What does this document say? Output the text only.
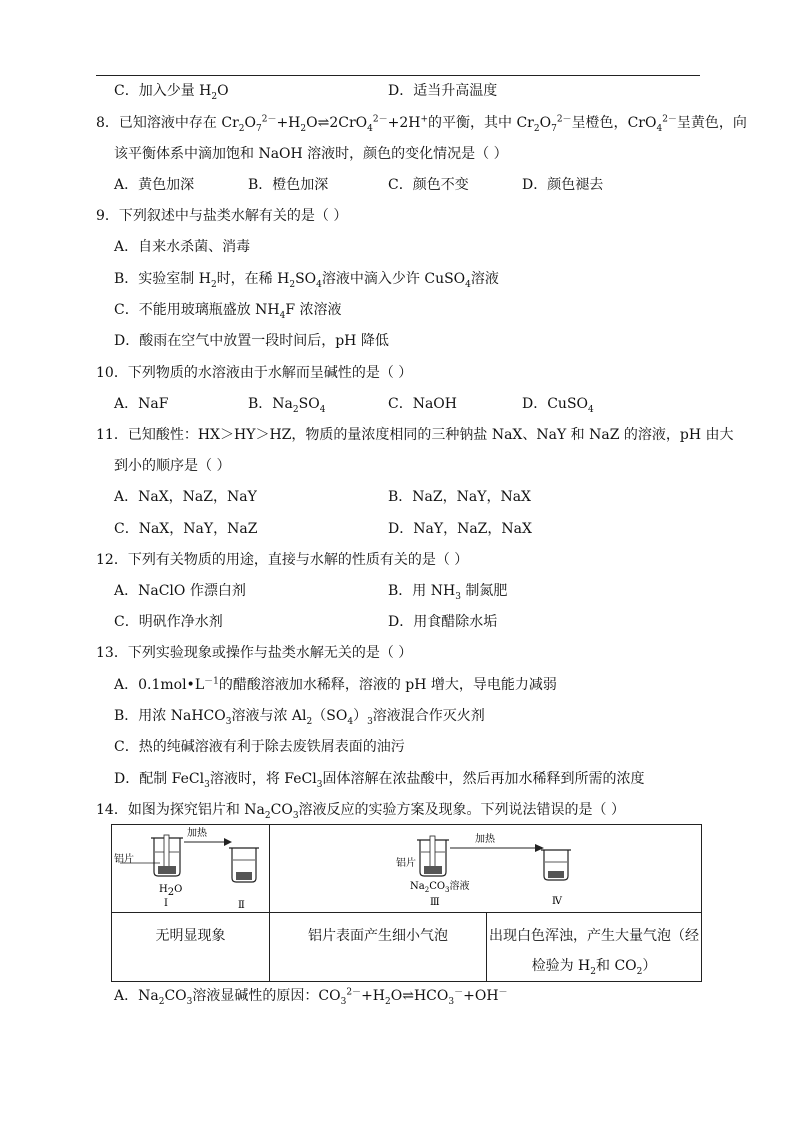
C．加入少量 $H_2O$	D．适当升高温度
8．已知溶液中存在 $Cr_2O_7^{2-}+H_2O\rightleftharpoons 2CrO_4^{2-}+2H^+$的平衡，其中 $Cr_2O_7^{2-}$呈橙色，CrO$_4^{2-}$呈黄色，向
该平衡体系中滴加饱和 NaOH 溶液时，颜色的变化情况是（ ）
A．黄色加深	B．橙色加深	C．颜色不变	D．颜色褪去
9．下列叙述中与盐类水解有关的是（ ）
A．自来水杀菌、消毒
B．实验室制 $H_2$时，在稀 $H_2SO_4$溶液中滴入少许 CuSO$_4$溶液
C．不能用玻璃瓶盛放 $NH_4F$ 浓溶液
D．酸雨在空气中放置一段时间后，pH 降低
10．下列物质的水溶液由于水解而呈碱性的是（ ）
A．NaF	B．$Na_2SO_4$	C．NaOH	D．CuSO$_4$
11．已知酸性：HX＞HY＞HZ，物质的量浓度相同的三种钠盐 NaX、NaY 和 NaZ 的溶液，pH 由大
到小的顺序是（ ）
A．NaX，NaZ，NaY	B．NaZ，NaY，NaX
C．NaX，NaY，NaZ	D．NaY，NaZ，NaX
12．下列有关物质的用途，直接与水解的性质有关的是（ ）
A．NaClO 作漂白剂	B．用 $NH_3$ 制氮肥
C．明矾作净水剂	D．用食醋除水垢
13．下列实验现象或操作与盐类水解无关的是（ ）
A．$0.1mol•L^{-1}$的醋酸溶液加水稀释，溶液的 pH 增大，导电能力减弱
B．用浓 NaHCO$_3$溶液与浓 $Al_2(SO_4)_3$溶液混合作灭火剂
C．热的纯碱溶液有利于除去废铁屑表面的油污
D．配制 FeCl$_3$溶液时，将 FeCl$_3$固体溶解在浓盐酸中，然后再加水稀释到所需的浓度
14．如图为探究铝片和 $Na_2CO_3$溶液反应的实验方案及现象。下列说法错误的是（ ）
铝片
加热
H2O
Ⅰ Ⅱ	铝片
加热
$Na_2CO_3$溶液
Ⅲ Ⅳ	

无明显现象	铝片表面产生细小气泡	出现白色浑浊，产生大量气泡（经
检验为 $H_2$和 $CO_2$）
A．$Na_2CO_3$溶液显碱性的原因：$CO_3^{2-}+H_2O\rightleftharpoons HCO_3^-+OH^-$
